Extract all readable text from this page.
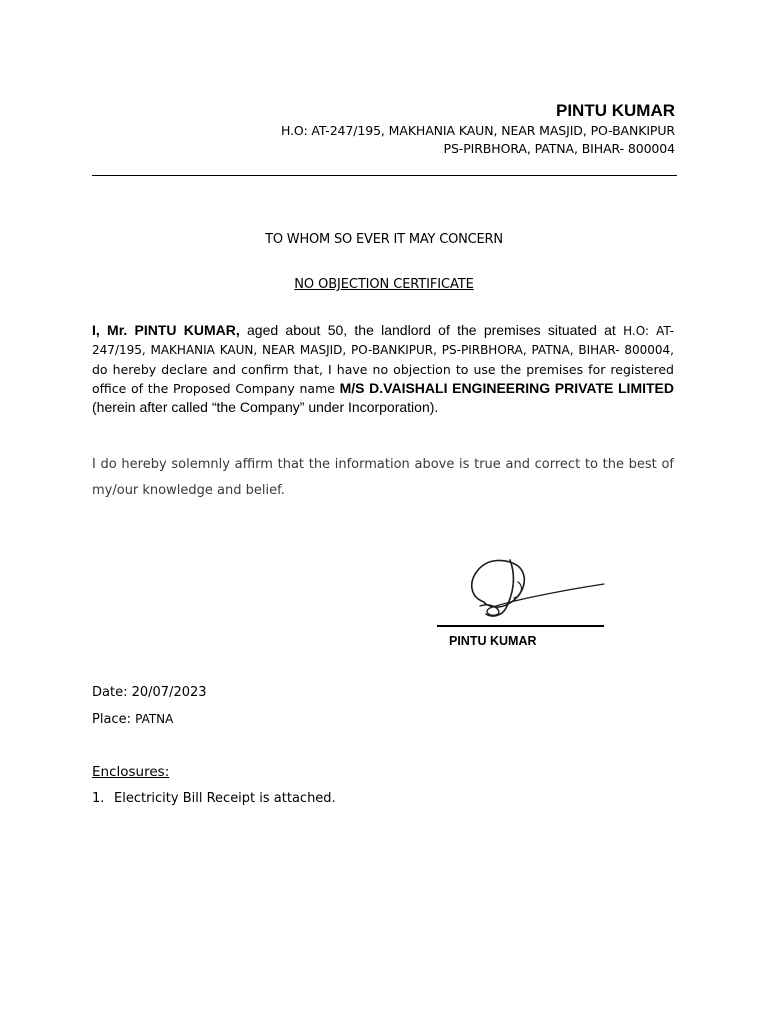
PINTU KUMAR
H.O: AT-247/195, MAKHANIA KAUN, NEAR MASJID, PO-BANKIPUR
PS-PIRBHORA, PATNA, BIHAR- 800004
TO WHOM SO EVER IT MAY CONCERN
NO OBJECTION CERTIFICATE
I, Mr. PINTU KUMAR, aged about 50, the landlord of the premises situated at H.O: AT-247/195, MAKHANIA KAUN, NEAR MASJID, PO-BANKIPUR, PS-PIRBHORA, PATNA, BIHAR- 800004, do hereby declare and confirm that, I have no objection to use the premises for registered office of the Proposed Company name M/S D.VAISHALI ENGINEERING PRIVATE LIMITED (herein after called “the Company” under Incorporation).
I do hereby solemnly affirm that the information above is true and correct to the best of my/our knowledge and belief.
PINTU KUMAR
Date: 20/07/2023
Place: PATNA
Enclosures:
1. Electricity Bill Receipt is attached.
